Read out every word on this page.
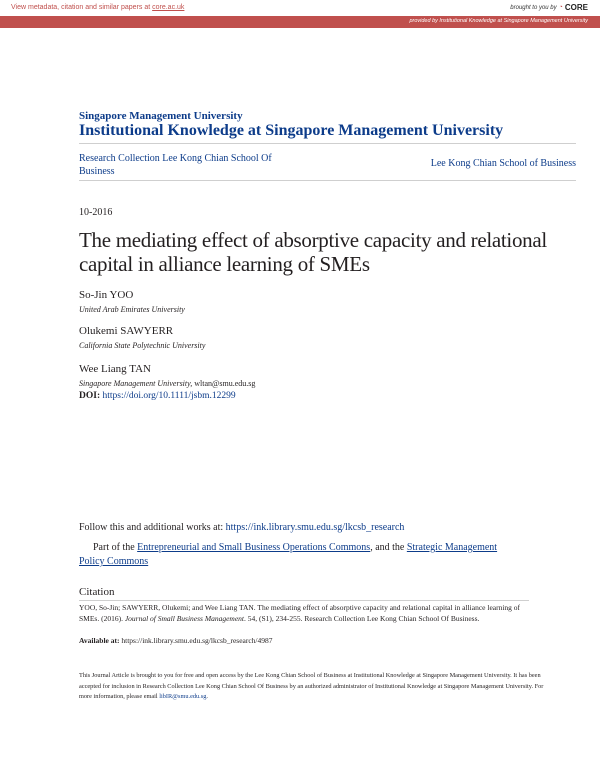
View metadata, citation and similar papers at core.ac.uk	brought to you by ◔ CORE
provided by Institutional Knowledge at Singapore Management University
Singapore Management University
Institutional Knowledge at Singapore Management University
Research Collection Lee Kong Chian School Of Business
Lee Kong Chian School of Business
10-2016
The mediating effect of absorptive capacity and relational capital in alliance learning of SMEs
So-Jin YOO
United Arab Emirates University
Olukemi SAWYERR
California State Polytechnic University
Wee Liang TAN
Singapore Management University, wltan@smu.edu.sg
DOI: https://doi.org/10.1111/jsbm.12299
Follow this and additional works at: https://ink.library.smu.edu.sg/lkcsb_research
Part of the Entrepreneurial and Small Business Operations Commons, and the Strategic Management Policy Commons
Citation
YOO, So-Jin; SAWYERR, Olukemi; and Wee Liang TAN. The mediating effect of absorptive capacity and relational capital in alliance learning of SMEs. (2016). Journal of Small Business Management. 54, (S1), 234-255. Research Collection Lee Kong Chian School Of Business.
Available at: https://ink.library.smu.edu.sg/lkcsb_research/4987
This Journal Article is brought to you for free and open access by the Lee Kong Chian School of Business at Institutional Knowledge at Singapore Management University. It has been accepted for inclusion in Research Collection Lee Kong Chian School Of Business by an authorized administrator of Institutional Knowledge at Singapore Management University. For more information, please email libIR@smu.edu.sg.
